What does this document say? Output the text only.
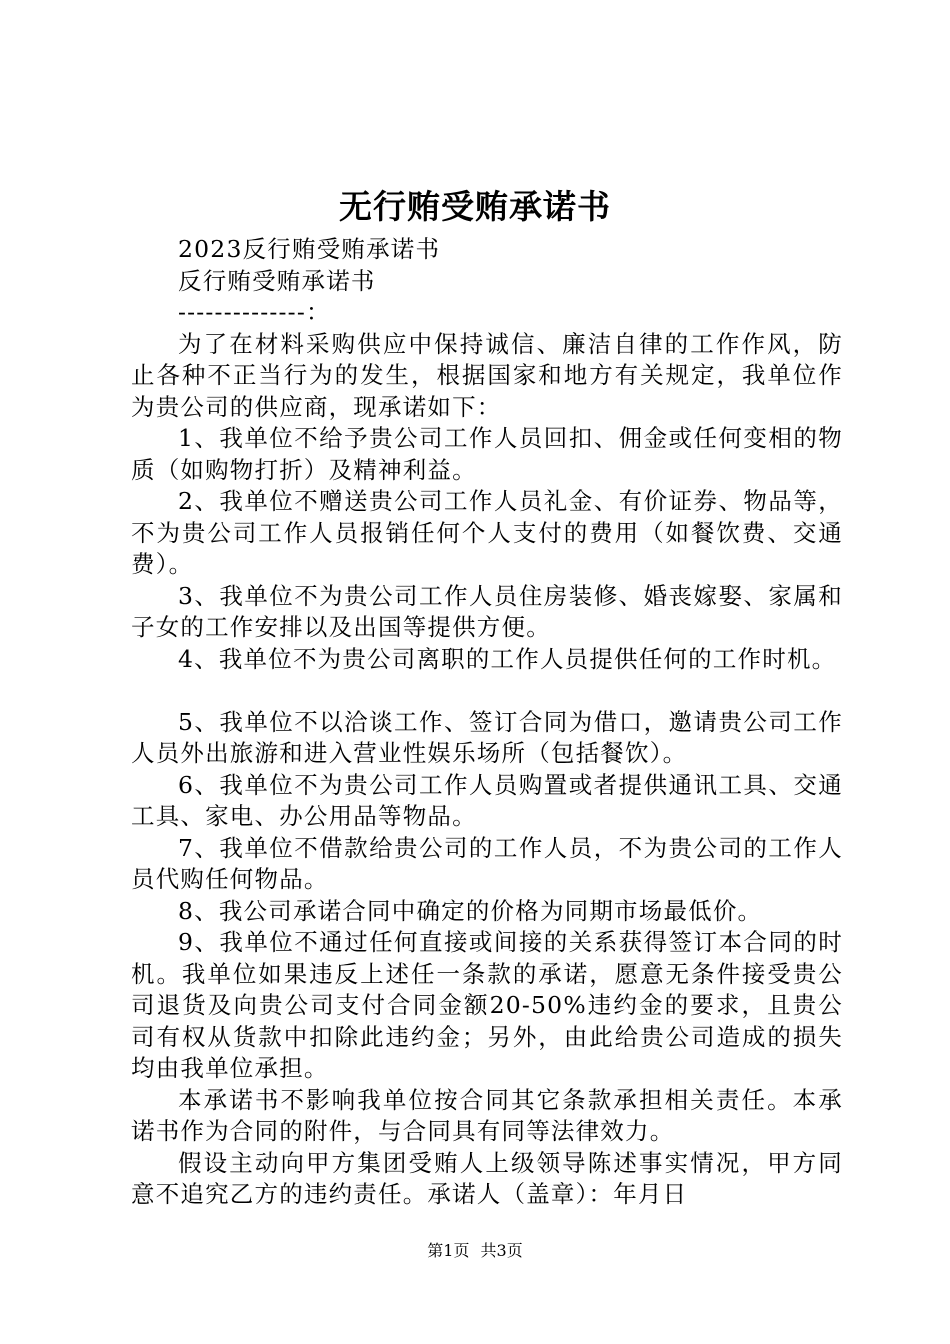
无行贿受贿承诺书

2023反行贿受贿承诺书

反行贿受贿承诺书

--------------：

为了在材料采购供应中保持诚信、廉洁自律的工作作风，防止各种不正当行为的发生，根据国家和地方有关规定，我单位作为贵公司的供应商，现承诺如下：

1、我单位不给予贵公司工作人员回扣、佣金或任何变相的物质（如购物打折）及精神利益。

2、我单位不赠送贵公司工作人员礼金、有价证券、物品等，不为贵公司工作人员报销任何个人支付的费用（如餐饮费、交通费）。

3、我单位不为贵公司工作人员住房装修、婚丧嫁娶、家属和子女的工作安排以及出国等提供方便。

4、我单位不为贵公司离职的工作人员提供任何的工作时机。

5、我单位不以洽谈工作、签订合同为借口，邀请贵公司工作人员外出旅游和进入营业性娱乐场所（包括餐饮）。

6、我单位不为贵公司工作人员购置或者提供通讯工具、交通工具、家电、办公用品等物品。

7、我单位不借款给贵公司的工作人员，不为贵公司的工作人员代购任何物品。

8、我公司承诺合同中确定的价格为同期市场最低价。

9、我单位不通过任何直接或间接的关系获得签订本合同的时机。我单位如果违反上述任一条款的承诺，愿意无条件接受贵公司退货及向贵公司支付合同金额20-50%违约金的要求，且贵公司有权从货款中扣除此违约金；另外，由此给贵公司造成的损失均由我单位承担。

本承诺书不影响我单位按合同其它条款承担相关责任。本承诺书作为合同的附件，与合同具有同等法律效力。

假设主动向甲方集团受贿人上级领导陈述事实情况，甲方同意不追究乙方的违约责任。承诺人（盖章）：年月日

第1页 共3页
